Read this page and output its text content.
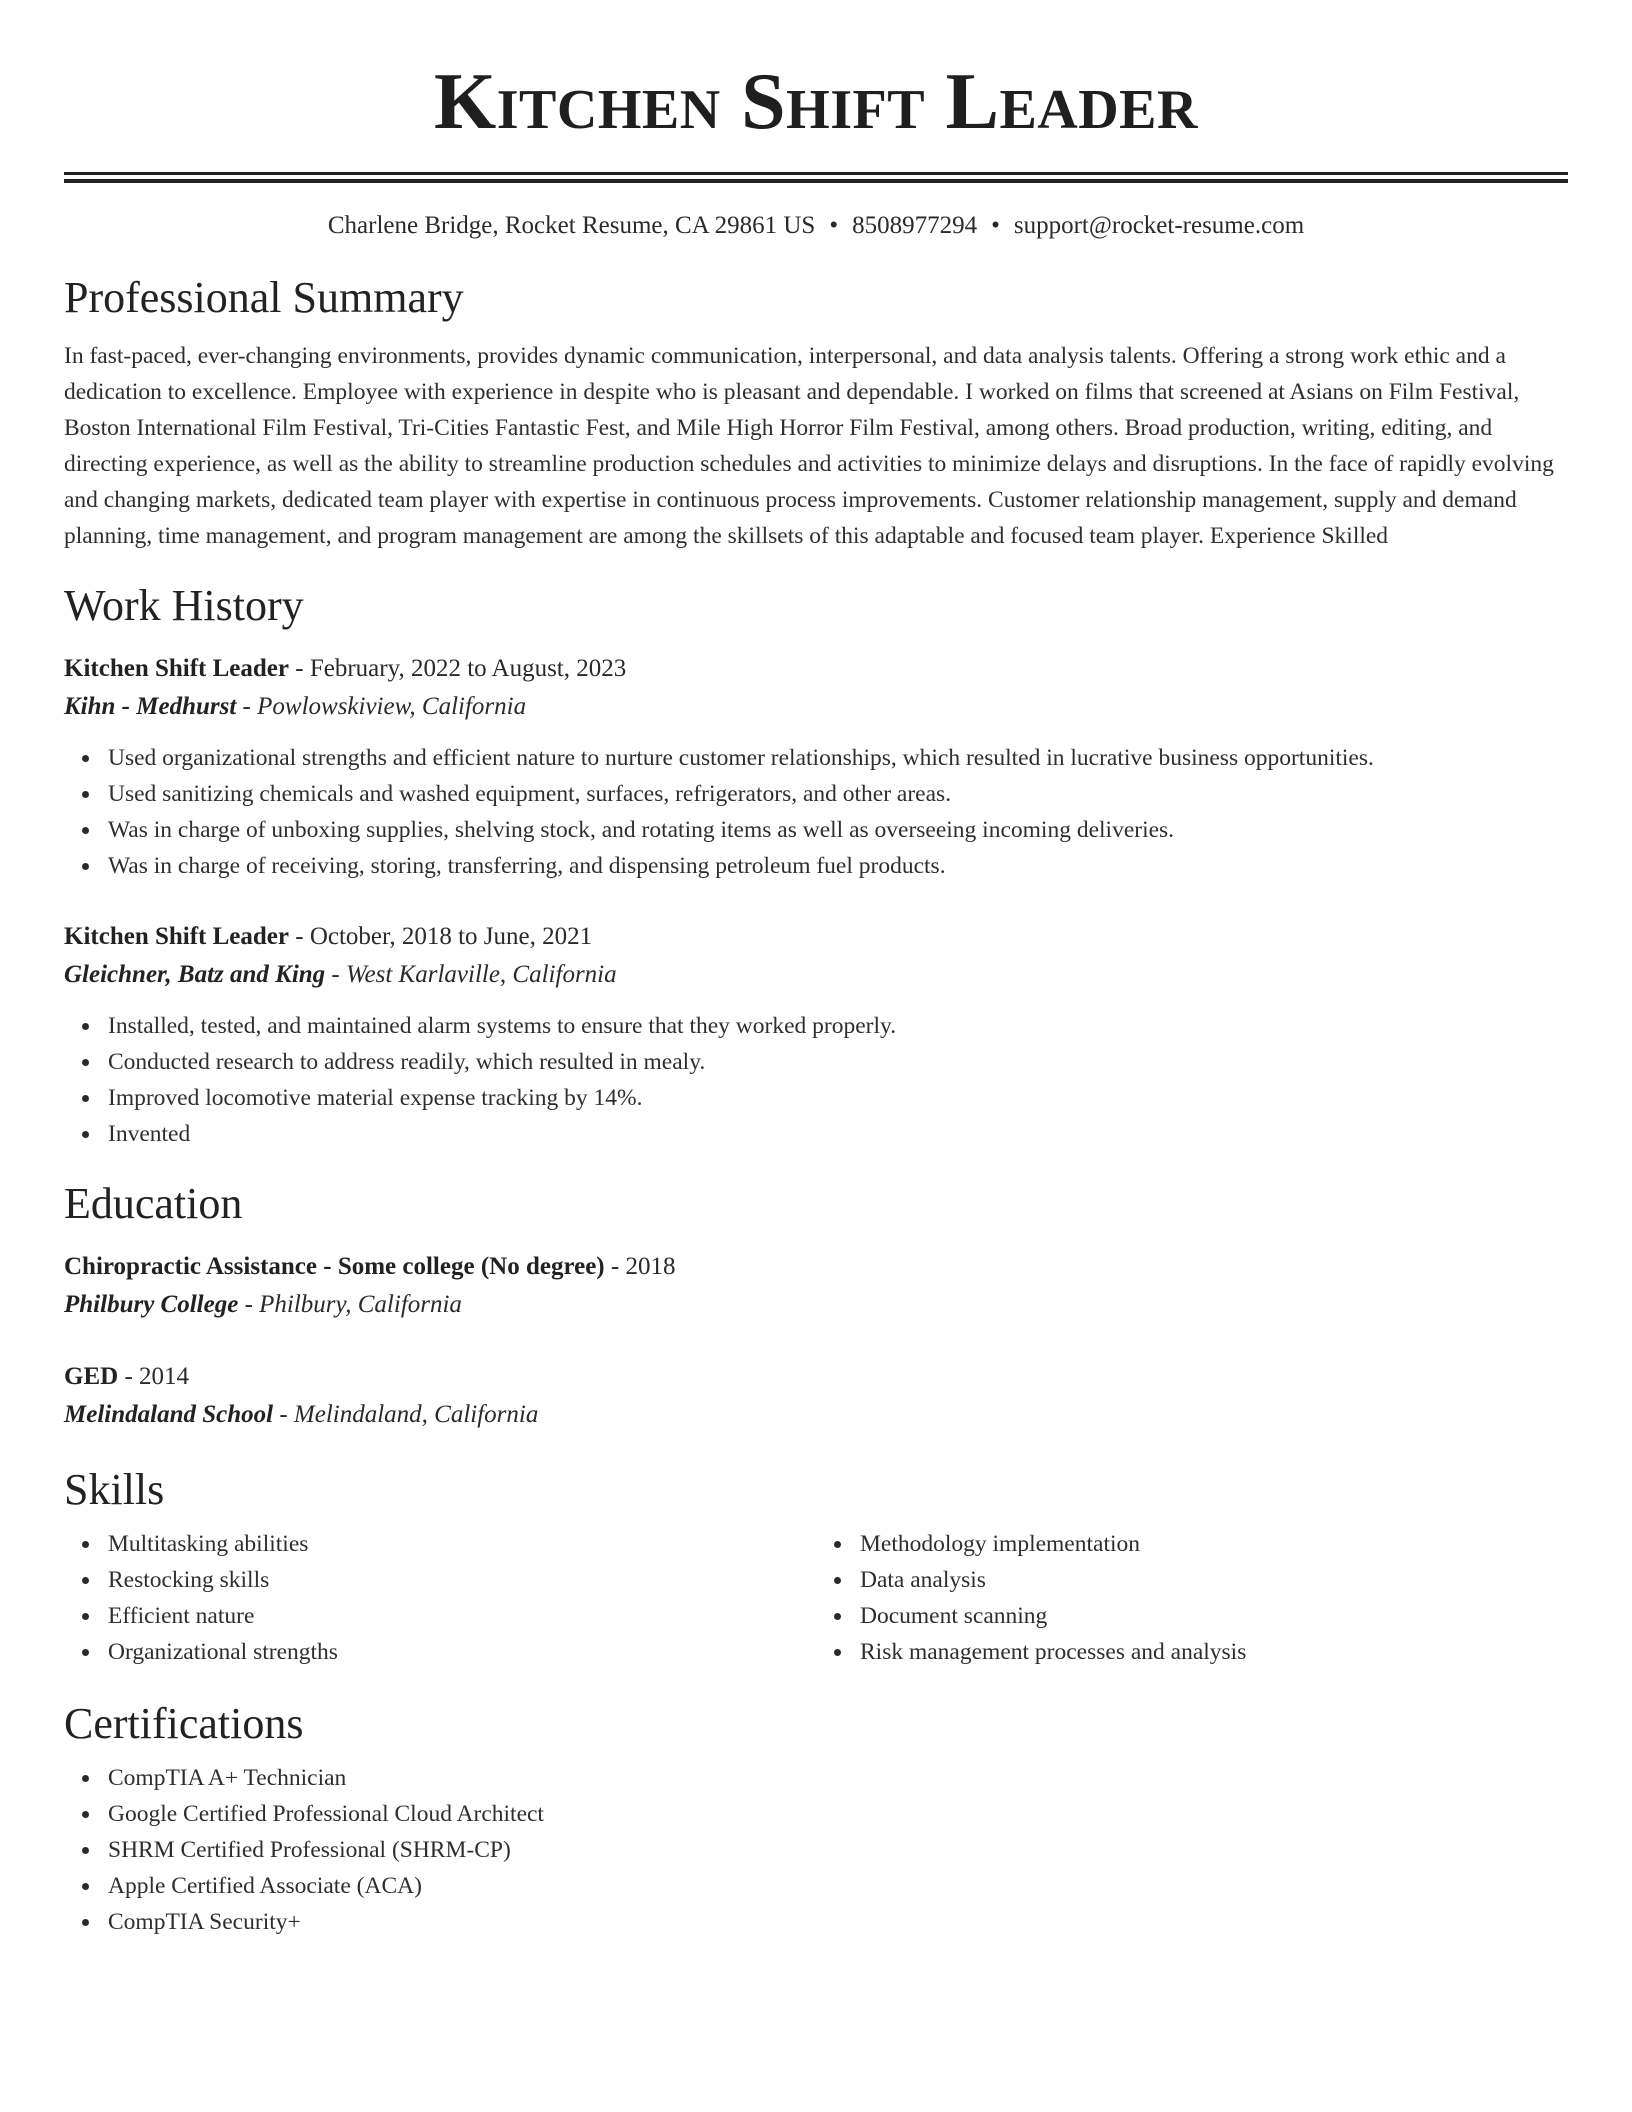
Kitchen Shift Leader
Charlene Bridge, Rocket Resume, CA 29861 US • 8508977294 • support@rocket-resume.com
Professional Summary

In fast-paced, ever-changing environments, provides dynamic communication, interpersonal, and data analysis talents. Offering a strong work ethic and a dedication to excellence. Employee with experience in despite who is pleasant and dependable. I worked on films that screened at Asians on Film Festival, Boston International Film Festival, Tri-Cities Fantastic Fest, and Mile High Horror Film Festival, among others. Broad production, writing, editing, and directing experience, as well as the ability to streamline production schedules and activities to minimize delays and disruptions. In the face of rapidly evolving and changing markets, dedicated team player with expertise in continuous process improvements. Customer relationship management, supply and demand planning, time management, and program management are among the skillsets of this adaptable and focused team player. Experience Skilled

Work History
Kitchen Shift Leader - February, 2022 to August, 2023
Kihn - Medhurst - Powlowskiview, California
Used organizational strengths and efficient nature to nurture customer relationships, which resulted in lucrative business opportunities.
Used sanitizing chemicals and washed equipment, surfaces, refrigerators, and other areas.
Was in charge of unboxing supplies, shelving stock, and rotating items as well as overseeing incoming deliveries.
Was in charge of receiving, storing, transferring, and dispensing petroleum fuel products.
Kitchen Shift Leader - October, 2018 to June, 2021
Gleichner, Batz and King - West Karlaville, California
Installed, tested, and maintained alarm systems to ensure that they worked properly.
Conducted research to address readily, which resulted in mealy.
Improved locomotive material expense tracking by 14%.
Invented
Education
Chiropractic Assistance - Some college (No degree) - 2018
Philbury College - Philbury, California
GED - 2014
Melindaland School - Melindaland, California
Skills
Multitasking abilities
Restocking skills
Efficient nature
Organizational strengths
Methodology implementation
Data analysis
Document scanning
Risk management processes and analysis
Certifications
CompTIA A+ Technician
Google Certified Professional Cloud Architect
SHRM Certified Professional (SHRM-CP)
Apple Certified Associate (ACA)
CompTIA Security+
